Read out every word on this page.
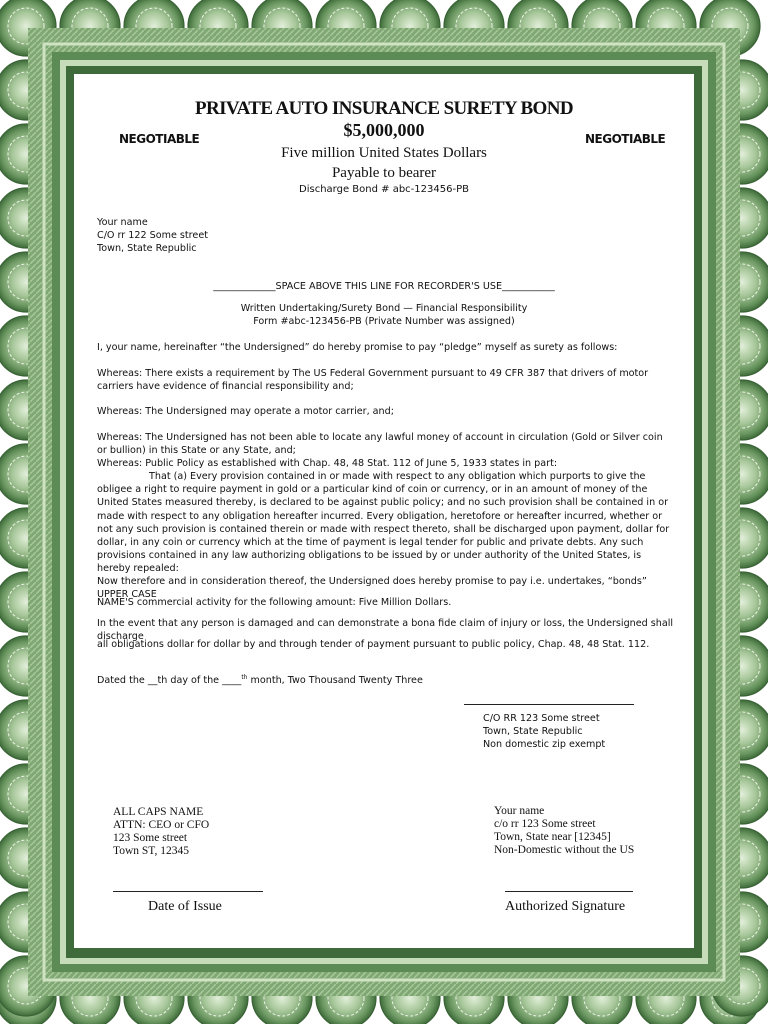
PRIVATE AUTO INSURANCE SURETY BOND
$5,000,000
NEGOTIABLE	NEGOTIABLE
Five million United States Dollars
Payable to bearer
Discharge Bond # abc-123456-PB
Your name
C/O rr 122 Some street
Town, State Republic
_____________SPACE ABOVE THIS LINE FOR RECORDER'S USE___________
Written Undertaking/Surety Bond — Financial Responsibility
Form #abc-123456-PB (Private Number was assigned)
I, your name, hereinafter “the Undersigned” do hereby promise to pay “pledge” myself as surety as follows:
Whereas: There exists a requirement by The US Federal Government pursuant to 49 CFR 387 that drivers of motor carriers have evidence of financial responsibility and;
Whereas: The Undersigned may operate a motor carrier, and;
Whereas: The Undersigned has not been able to locate any lawful money of account in circulation (Gold or Silver coin or bullion) in this State or any State, and;
Whereas: Public Policy as established with Chap. 48, 48 Stat. 112 of June 5, 1933 states in part:
That (a) Every provision contained in or made with respect to any obligation which purports to give the obligee a right to require payment in gold or a particular kind of coin or currency, or in an amount of money of the United States measured thereby, is declared to be against public policy; and no such provision shall be contained in or made with respect to any obligation hereafter incurred. Every obligation, heretofore or hereafter incurred, whether or not any such provision is contained therein or made with respect thereto, shall be discharged upon payment, dollar for dollar, in any coin or currency which at the time of payment is legal tender for public and private debts. Any such provisions contained in any law authorizing obligations to be issued by or under authority of the United States, is hereby repealed:
Now therefore and in consideration thereof, the Undersigned does hereby promise to pay i.e. undertakes, “bonds” UPPER CASE
NAME'S commercial activity for the following amount: Five Million Dollars.
In the event that any person is damaged and can demonstrate a bona fide claim of injury or loss, the Undersigned shall discharge
all obligations dollar for dollar by and through tender of payment pursuant to public policy, Chap. 48, 48 Stat. 112.
Dated the __th day of the ____$^{th}$ month, Two Thousand Twenty Three
C/O RR 123 Some street
Town, State Republic
Non domestic zip exempt
ALL CAPS NAME
ATTN: CEO or CFO
123 Some street
Town ST, 12345
Your name
c/o rr 123 Some street
Town, State near [12345]
Non-Domestic without the US
Date of Issue	Authorized Signature
